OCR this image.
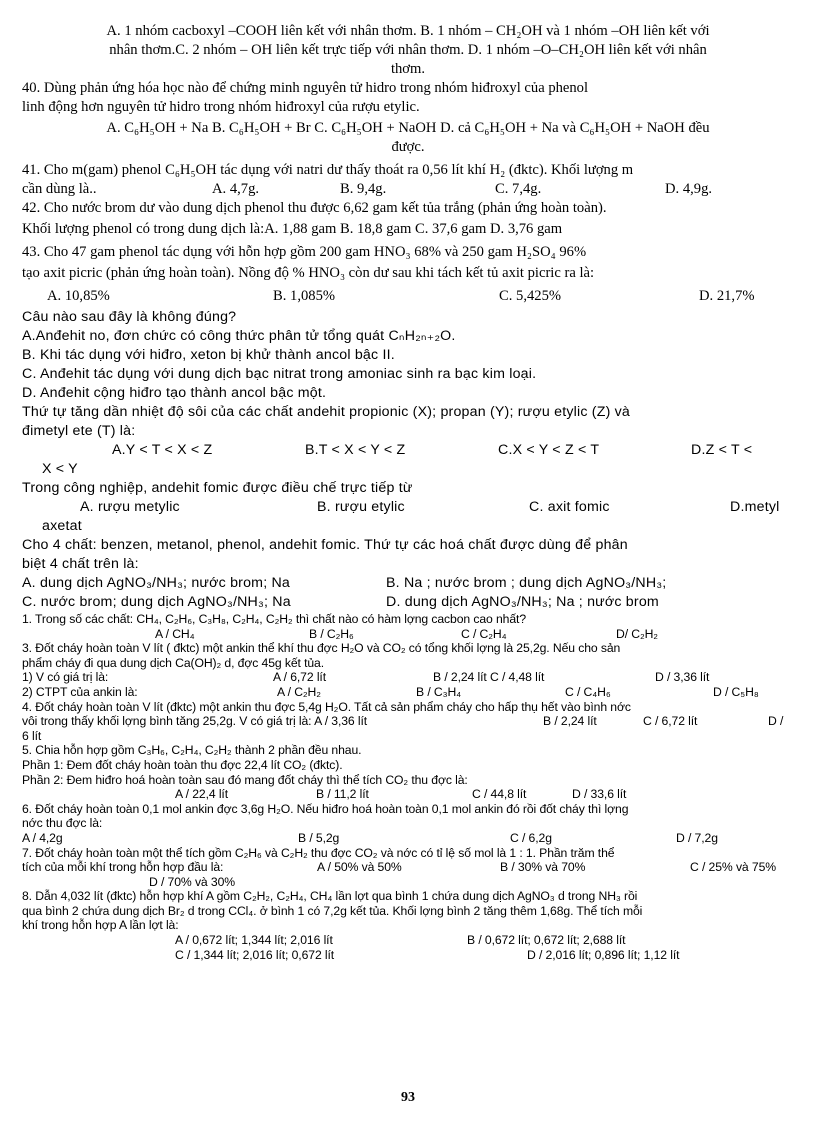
A. 1 nhóm cacboxyl –COOH liên kết với nhân thơm. B. 1 nhóm – CH₂OH và 1 nhóm –OH liên kết với
nhân thơm.C. 2 nhóm – OH liên kết trực tiếp với nhân thơm. D. 1 nhóm –O–CH₂OH liên kết với nhân
thơm.
40. Dùng phản ứng hóa học nào để chứng minh nguyên tử hidro trong nhóm hiđroxyl của phenol
linh động hơn nguyên tử hidro trong nhóm hiđroxyl của rượu etylic.
A. C₆H₅OH + Na B. C₆H₅OH + Br C. C₆H₅OH + NaOH D. cả C₆H₅OH + Na và C₆H₅OH + NaOH đều
được.
41. Cho m(gam) phenol C₆H₅OH tác dụng với natri dư thấy thoát ra 0,56 lít khí H₂ (đktc). Khối lượng m
cần dùng là..	A. 4,7g.	B. 9,4g.	C. 7,4g.	D. 4,9g.
42. Cho nước brom dư vào dung dịch phenol thu được 6,62 gam kết tủa trắng (phản ứng hoàn toàn).
Khối lượng phenol có trong dung dịch là:A. 1,88 gam B. 18,8 gam C. 37,6 gam D. 3,76 gam
43. Cho 47 gam phenol tác dụng với hỗn hợp gồm 200 gam HNO₃ 68% và 250 gam H₂SO₄ 96%
tạo axit picric (phản ứng hoàn toàn). Nồng độ % HNO₃ còn dư sau khi tách kết tủ axit picric ra là:
A. 10,85%	B. 1,085%	C. 5,425%	D. 21,7%
Câu nào sau đây là không đúng?
A.Anđehit no, đơn chức có công thức phân tử tổng quát CₙH₂ₙ₊₂O.
B. Khi tác dụng với hiđro, xeton bị khử thành ancol bậc II.
C. Anđehit tác dụng với dung dịch bạc nitrat trong amoniac sinh ra bạc kim loại.
D. Anđehit cộng hiđro tạo thành ancol bậc một.
Thứ tự tăng dần nhiệt độ sôi của các chất andehit propionic (X); propan (Y); rượu etylic (Z) và
đimetyl ete (T) là:
A.Y < T < X < Z	B.T < X < Y < Z	C.X < Y < Z < T	D.Z < T <
X < Y
Trong công nghiệp, andehit fomic được điều chế trực tiếp từ
A. rượu metylic	B. rượu etylic	C. axit fomic	D.metyl
axetat
Cho 4 chất: benzen, metanol, phenol, andehit fomic. Thứ tự các hoá chất được dùng để phân
biệt 4 chất trên là:
A. dung dịch AgNO₃/NH₃; nước brom; Na	B. Na ; nước brom ; dung dịch AgNO₃/NH₃;
C. nước brom; dung dịch AgNO₃/NH₃; Na	D. dung dịch AgNO₃/NH₃; Na ; nước brom
1. Trong số các chất: CH₄, C₂H₆, C₃H₈, C₂H₄, C₂H₂ thì chất nào có hàm lợng cacbon cao nhất?
A / CH₄	B / C₂H₆	C / C₂H₄	D/ C₂H₂
3. Đốt cháy hoàn toàn V lít ( đktc) một ankin thể khí thu đợc H₂O và CO₂ có tổng khối lợng là 25,2g. Nếu cho sản
phẩm cháy đi qua dung dịch Ca(OH)₂ d, đợc 45g kết tủa.
1) V có giá trị là:	A / 6,72 lít	B / 2,24 lít C / 4,48 lít	D / 3,36 lít
2) CTPT của ankin là:	A / C₂H₂	B / C₃H₄	C / C₄H₆	D / C₅H₈
4. Đốt cháy hoàn toàn V lít (đktc) một ankin thu đợc 5,4g H₂O. Tất cả sản phẩm cháy cho hấp thụ hết vào bình nớc
vôi trong thấy khối lợng bình tăng 25,2g. V có giá trị là: A / 3,36 lít	B / 2,24 lít	C / 6,72 lít	D /
6 lít
5. Chia hỗn hợp gồm C₃H₆, C₂H₄, C₂H₂ thành 2 phần đều nhau.
Phần 1: Đem đốt cháy hoàn toàn thu đợc 22,4 lít CO₂ (đktc).
Phần 2: Đem hiđro hoá hoàn toàn sau đó mang đốt cháy thì thể tích CO₂ thu đợc là:
A / 22,4 lít	B / 11,2 lít	C / 44,8 lít	D / 33,6 lít
6. Đốt cháy hoàn toàn 0,1 mol ankin đợc 3,6g H₂O. Nếu hiđro hoá hoàn toàn 0,1 mol ankin đó rồi đốt cháy thì lợng
nớc thu đợc là:
A / 4,2g	B / 5,2g	C / 6,2g	D / 7,2g
7. Đốt cháy hoàn toàn một thể tích gồm C₂H₆ và C₂H₂ thu đợc CO₂ và nớc có tỉ lệ số mol là 1 : 1. Phần trăm thể
tích của mỗi khí trong hỗn hợp đầu là:	A / 50% và 50%	B / 30% và 70%	C / 25% và 75%
D / 70% và 30%
8. Dẫn 4,032 lít (đktc) hỗn hợp khí A gồm C₂H₂, C₂H₄, CH₄ lần lợt qua bình 1 chứa dung dịch AgNO₃ d trong NH₃ rồi
qua bình 2 chứa dung dịch Br₂ d trong CCl₄. ở bình 1 có 7,2g kết tủa. Khối lợng bình 2 tăng thêm 1,68g. Thể tích mỗi
khí trong hỗn hợp A lần lợt là:
A / 0,672 lít; 1,344 lít; 2,016 lít	B / 0,672 lít; 0,672 lít; 2,688 lít
C / 1,344 lít; 2,016 lít; 0,672 lít	D / 2,016 lít; 0,896 lít; 1,12 lít
93
